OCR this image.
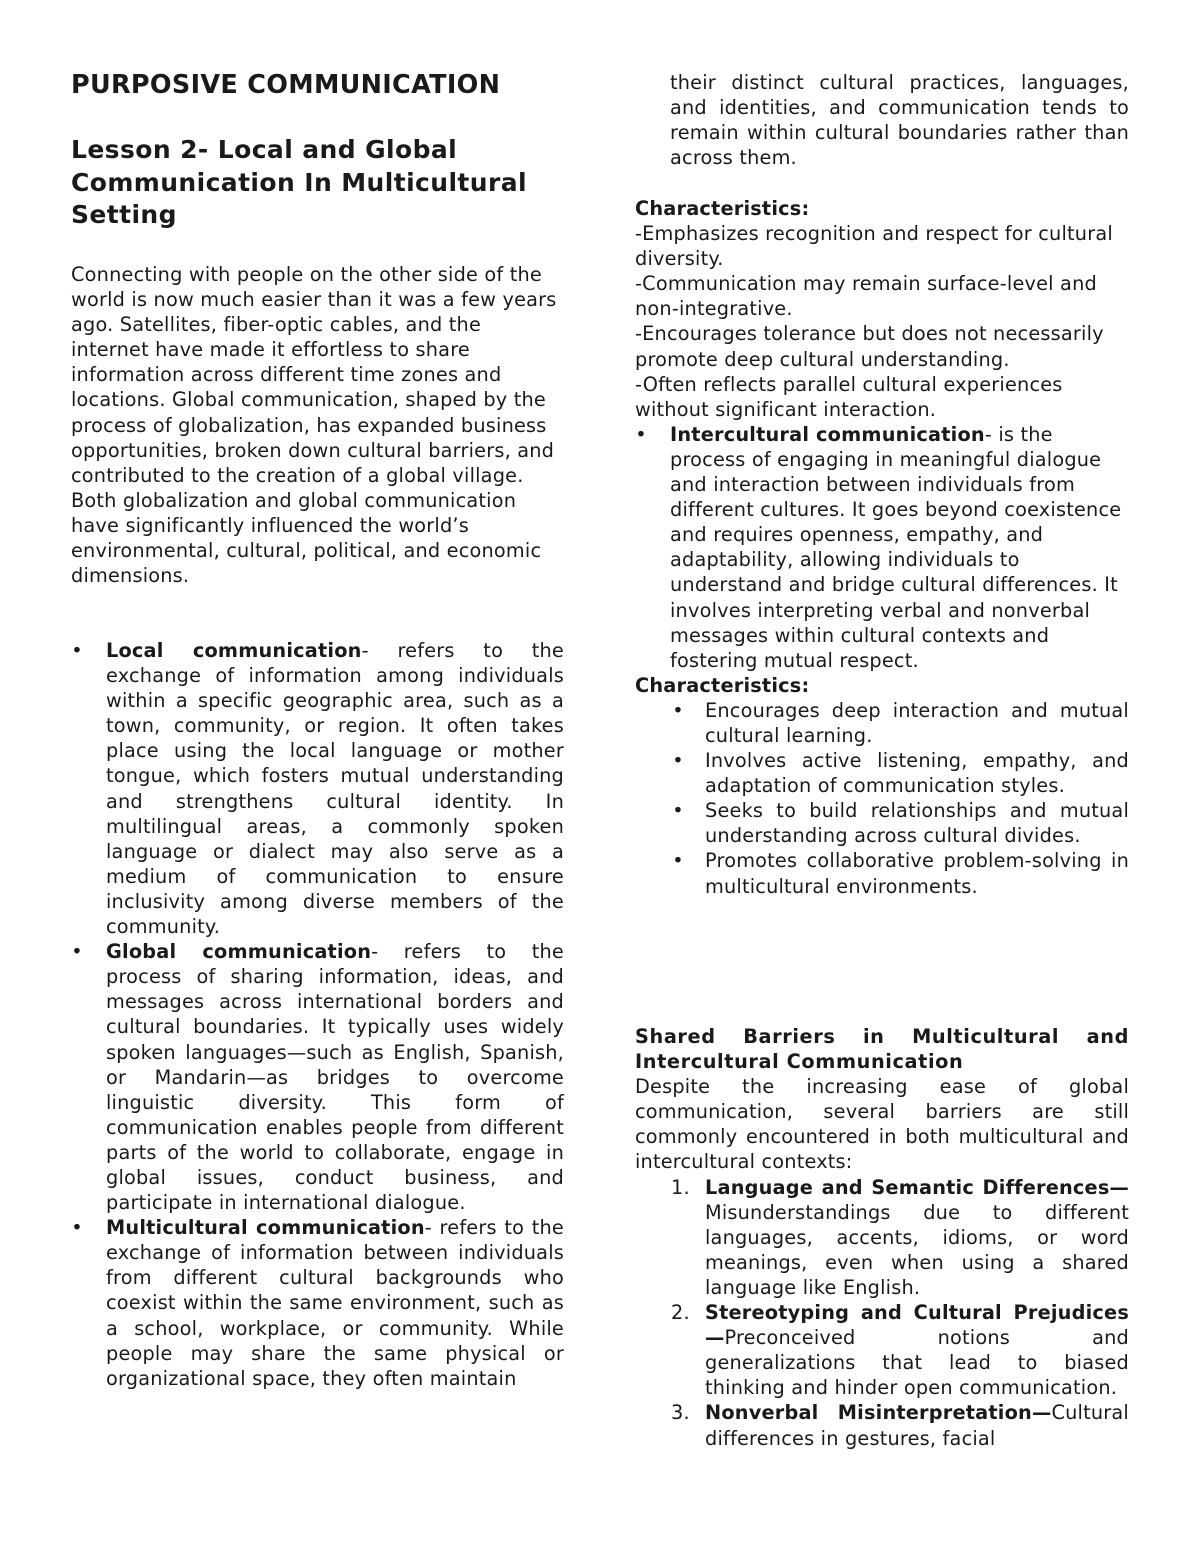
PURPOSIVE COMMUNICATION
Lesson 2- Local and Global Communication In Multicultural Setting

Connecting with people on the other side of the world is now much easier than it was a few years ago. Satellites, fiber-optic cables, and the internet have made it effortless to share information across different time zones and locations. Global communication, shaped by the process of globalization, has expanded business opportunities, broken down cultural barriers, and contributed to the creation of a global village. Both globalization and global communication have significantly influenced the world’s environmental, cultural, political, and economic dimensions.

• Local communication- refers to the exchange of information among individuals within a specific geographic area, such as a town, community, or region. It often takes place using the local language or mother tongue, which fosters mutual understanding and strengthens cultural identity. In multilingual areas, a commonly spoken language or dialect may also serve as a medium of communication to ensure inclusivity among diverse members of the community.
• Global communication- refers to the process of sharing information, ideas, and messages across international borders and cultural boundaries. It typically uses widely spoken languages—such as English, Spanish, or Mandarin—as bridges to overcome linguistic diversity. This form of communication enables people from different parts of the world to collaborate, engage in global issues, conduct business, and participate in international dialogue.
• Multicultural communication- refers to the exchange of information between individuals from different cultural backgrounds who coexist within the same environment, such as a school, workplace, or community. While people may share the same physical or organizational space, they often maintain

their distinct cultural practices, languages, and identities, and communication tends to remain within cultural boundaries rather than across them.

Characteristics:

-Emphasizes recognition and respect for cultural diversity.

-Communication may remain surface-level and non-integrative.

-Encourages tolerance but does not necessarily promote deep cultural understanding.

-Often reflects parallel cultural experiences without significant interaction.

• Intercultural communication- is the process of engaging in meaningful dialogue and interaction between individuals from different cultures. It goes beyond coexistence and requires openness, empathy, and adaptability, allowing individuals to understand and bridge cultural differences. It involves interpreting verbal and nonverbal messages within cultural contexts and fostering mutual respect.

Characteristics:

• Encourages deep interaction and mutual cultural learning.
• Involves active listening, empathy, and adaptation of communication styles.
• Seeks to build relationships and mutual understanding across cultural divides.
• Promotes collaborative problem-solving in multicultural environments.

Shared Barriers in Multicultural and Intercultural Communication

Despite the increasing ease of global communication, several barriers are still commonly encountered in both multicultural and intercultural contexts:

1. Language and Semantic Differences—Misunderstandings due to different languages, accents, idioms, or word meanings, even when using a shared language like English.
2. Stereotyping and Cultural Prejudices—Preconceived notions and generalizations that lead to biased thinking and hinder open communication.
3. Nonverbal Misinterpretation—Cultural differences in gestures, facial
